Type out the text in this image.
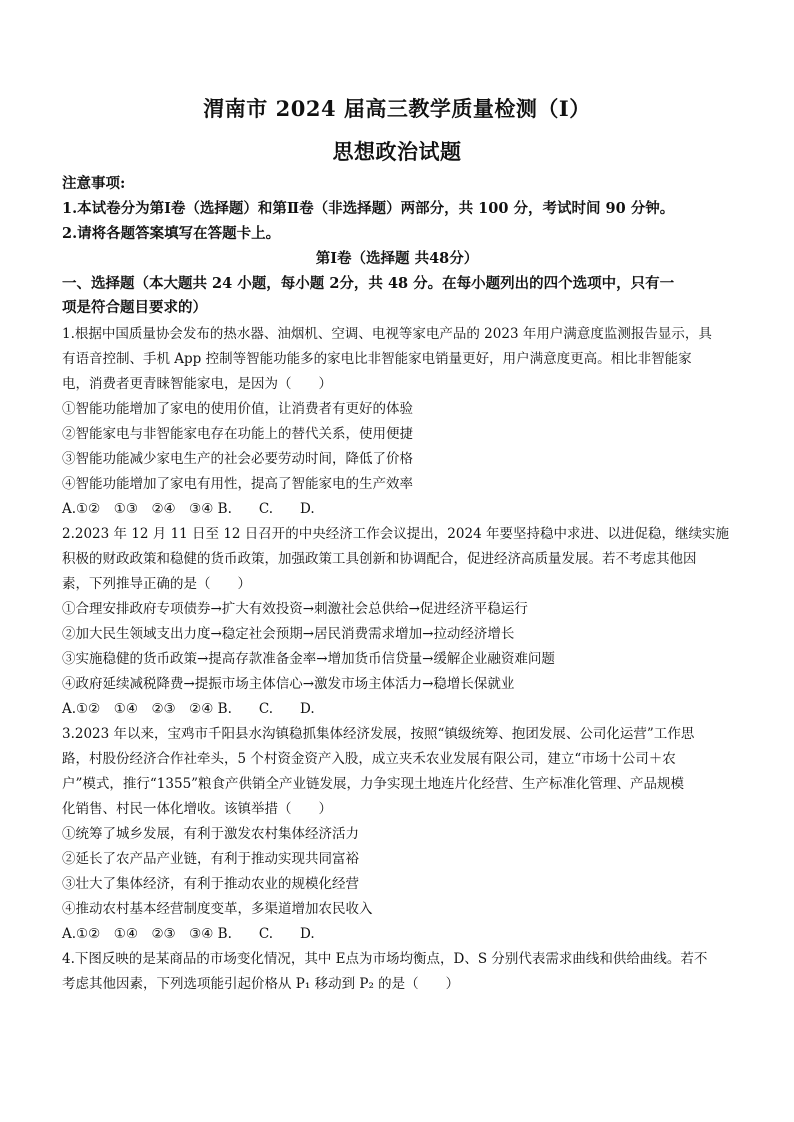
渭南市 2024 届高三教学质量检测（Ⅰ）
思想政治试题
注意事项:
1.本试卷分为第Ⅰ卷（选择题）和第Ⅱ卷（非选择题）两部分，共 100 分，考试时间 90 分钟。
2.请将各题答案填写在答题卡上。
第Ⅰ卷（选择题 共48分）
一、选择题（本大题共 24 小题，每小题 2分，共 48 分。在每小题列出的四个选项中，只有一
项是符合题目要求的）
1.根据中国质量协会发布的热水器、油烟机、空调、电视等家电产品的 2023 年用户满意度监测报告显示，具
有语音控制、手机 App 控制等智能功能多的家电比非智能家电销量更好，用户满意度更高。相比非智能家
电，消费者更青睐智能家电，是因为（　　）
①智能功能增加了家电的使用价值，让消费者有更好的体验
②智能家电与非智能家电存在功能上的替代关系，使用便捷
③智能功能减少家电生产的社会必要劳动时间，降低了价格
④智能功能增加了家电有用性，提高了智能家电的生产效率
A.①②　①③　②④　③④ B.　　C.　　D.
2.2023 年 12 月 11 日至 12 日召开的中央经济工作会议提出，2024 年要坚持稳中求进、以进促稳，继续实施
积极的财政政策和稳健的货币政策，加强政策工具创新和协调配合，促进经济高质量发展。若不考虑其他因
素，下列推导正确的是（　　）
①合理安排政府专项债券→扩大有效投资→刺激社会总供给→促进经济平稳运行
②加大民生领域支出力度→稳定社会预期→居民消费需求增加→拉动经济增长
③实施稳健的货币政策→提高存款准备金率→增加货币信贷量→缓解企业融资难问题
④政府延续减税降费→提振市场主体信心→激发市场主体活力→稳增长保就业
A.①②　①④　②③　②④ B.　　C.　　D.
3.2023 年以来，宝鸡市千阳县水沟镇稳抓集体经济发展，按照“镇级统筹、抱团发展、公司化运营”工作思
路，村股份经济合作社牵头，5 个村资金资产入股，成立夹禾农业发展有限公司，建立“市场十公司＋农
户”模式，推行“1355”粮食产供销全产业链发展，力争实现土地连片化经营、生产标准化管理、产品规模
化销售、村民一体化增收。该镇举措（　　）
①统筹了城乡发展，有利于激发农村集体经济活力
②延长了农产品产业链，有利于推动实现共同富裕
③壮大了集体经济，有利于推动农业的规模化经营
④推动农村基本经营制度变革，多渠道增加农民收入
A.①②　①④　②③　③④ B.　　C.　　D.
4.下图反映的是某商品的市场变化情况，其中 E点为市场均衡点，D、S 分别代表需求曲线和供给曲线。若不
考虑其他因素，下列选项能引起价格从 P₁ 移动到 P₂ 的是（　　）
